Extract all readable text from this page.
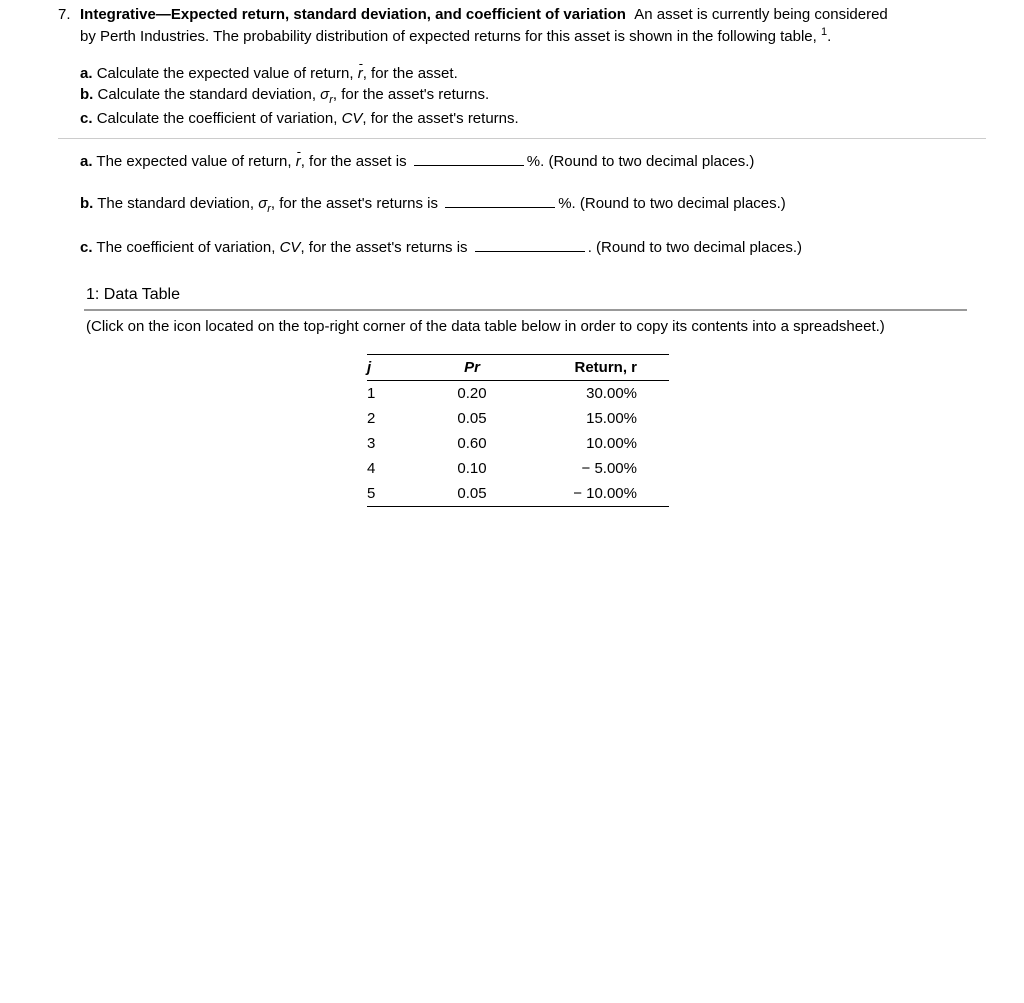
7. Integrative—Expected return, standard deviation, and coefficient of variation An asset is currently being considered
by Perth Industries. The probability distribution of expected returns for this asset is shown in the following table, $^1$.
a. Calculate the expected value of return, - r, for the asset.
b. Calculate the standard deviation, $\sigma_r$, for the asset's returns.
c. Calculate the coefficient of variation, CV, for the asset's returns.
a. The expected value of return, - r, for the asset is	%. (Round to two decimal places.)
b. The standard deviation, $\sigma_r$, for the asset's returns is	%. (Round to two decimal places.)
c. The coefficient of variation, CV, for the asset's returns is	. (Round to two decimal places.)
1: Data Table
(Click on the icon located on the top-right corner of the data table below in order to copy its contents into a spreadsheet.)
j	Pr	Return, r
1	0.20	30.00%
2	0.05	15.00%
3	0.60	10.00%
4	0.10	− 5.00%
5	0.05	− 10.00%
